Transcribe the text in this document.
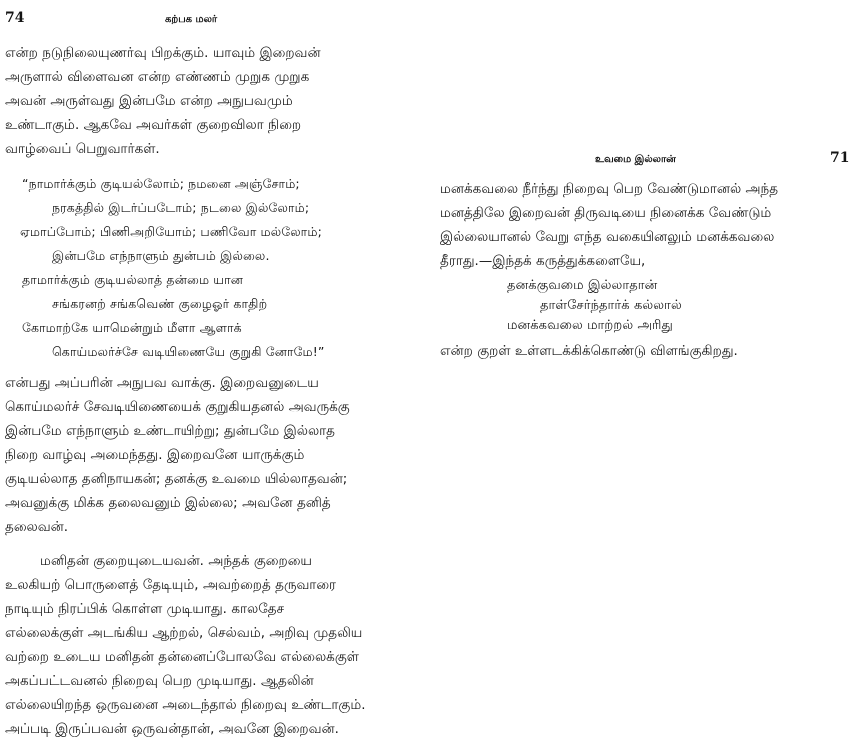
74	கற்பக மலர்
என்ற நடுநிலையுணர்வு பிறக்கும். யாவும் இறைவன்
அருளால் விளைவன என்ற எண்ணம் முறுக முறுக
அவன் அருள்வது இன்பமே என்ற அநுபவமும்
உண்டாகும். ஆகவே அவர்கள் குறைவிலா நிறை
வாழ்வைப் பெறுவார்கள்.
“நாமார்க்கும் குடியல்லோம்; நமனை அஞ்சோம்;
நரகத்தில் இடர்ப்படோம்; நடலை இல்லோம்;
ஏமாப்போம்; பிணிஅறியோம்; பணிவோ மல்லோம்;
இன்பமே எந்நாளும் துன்பம் இல்லை.
தாமார்க்கும் குடியல்லாத் தன்மை யான
சங்கரனற் சங்கவெண் குழைஓர் காதிற்
கோமாற்கே யாமென்றும் மீளா ஆளாக்
கொய்மலர்ச்சே வடியிணையே குறுகி னோமே!”
என்பது அப்பரின் அநுபவ வாக்கு. இறைவனுடைய
கொய்மலர்ச் சேவடியிணையைக் குறுகியதனல் அவருக்கு
இன்பமே எந்நாளும் உண்டாயிற்று; துன்பமே இல்லாத
நிறை வாழ்வு அமைந்தது. இறைவனே யாருக்கும்
குடியல்லாத தனிநாயகன்; தனக்கு உவமை யில்லாதவன்;
அவனுக்கு மிக்க தலைவனும் இல்லை; அவனே தனித்
தலைவன்.
மனிதன் குறையுடையவன். அந்தக் குறையை
உலகியற் பொருளைத் தேடியும், அவற்றைத் தருவாரை
நாடியும் நிரப்பிக் கொள்ள முடியாது. காலதேச
எல்லைக்குள் அடங்கிய ஆற்றல், செல்வம், அறிவு முதலிய
வற்றை உடைய மனிதன் தன்னைப்போலவே எல்லைக்குள்
அகப்பட்டவனல் நிறைவு பெற முடியாது. ஆதலின்
எல்லையிறந்த ஒருவனை அடைந்தால் நிறைவு உண்டாகும்.
அப்படி இருப்பவன் ஒருவன்தான், அவனே இறைவன்.
உவமை இல்லான்	71
மனக்கவலை நீர்ந்து நிறைவு பெற வேண்டுமானல் அந்த
மனத்திலே இறைவன் திருவடியை நினைக்க வேண்டும்
இல்லையானல் வேறு எந்த வகையினலும் மனக்கவலை
தீராது.—இந்தக் கருத்துக்களையே,
தனக்குவமை இல்லாதான்
தாள்சேர்ந்தார்க் கல்லால்
மனக்கவலை மாற்றல் அரிது
என்ற குறள் உள்ளடக்கிக்கொண்டு விளங்குகிறது.
